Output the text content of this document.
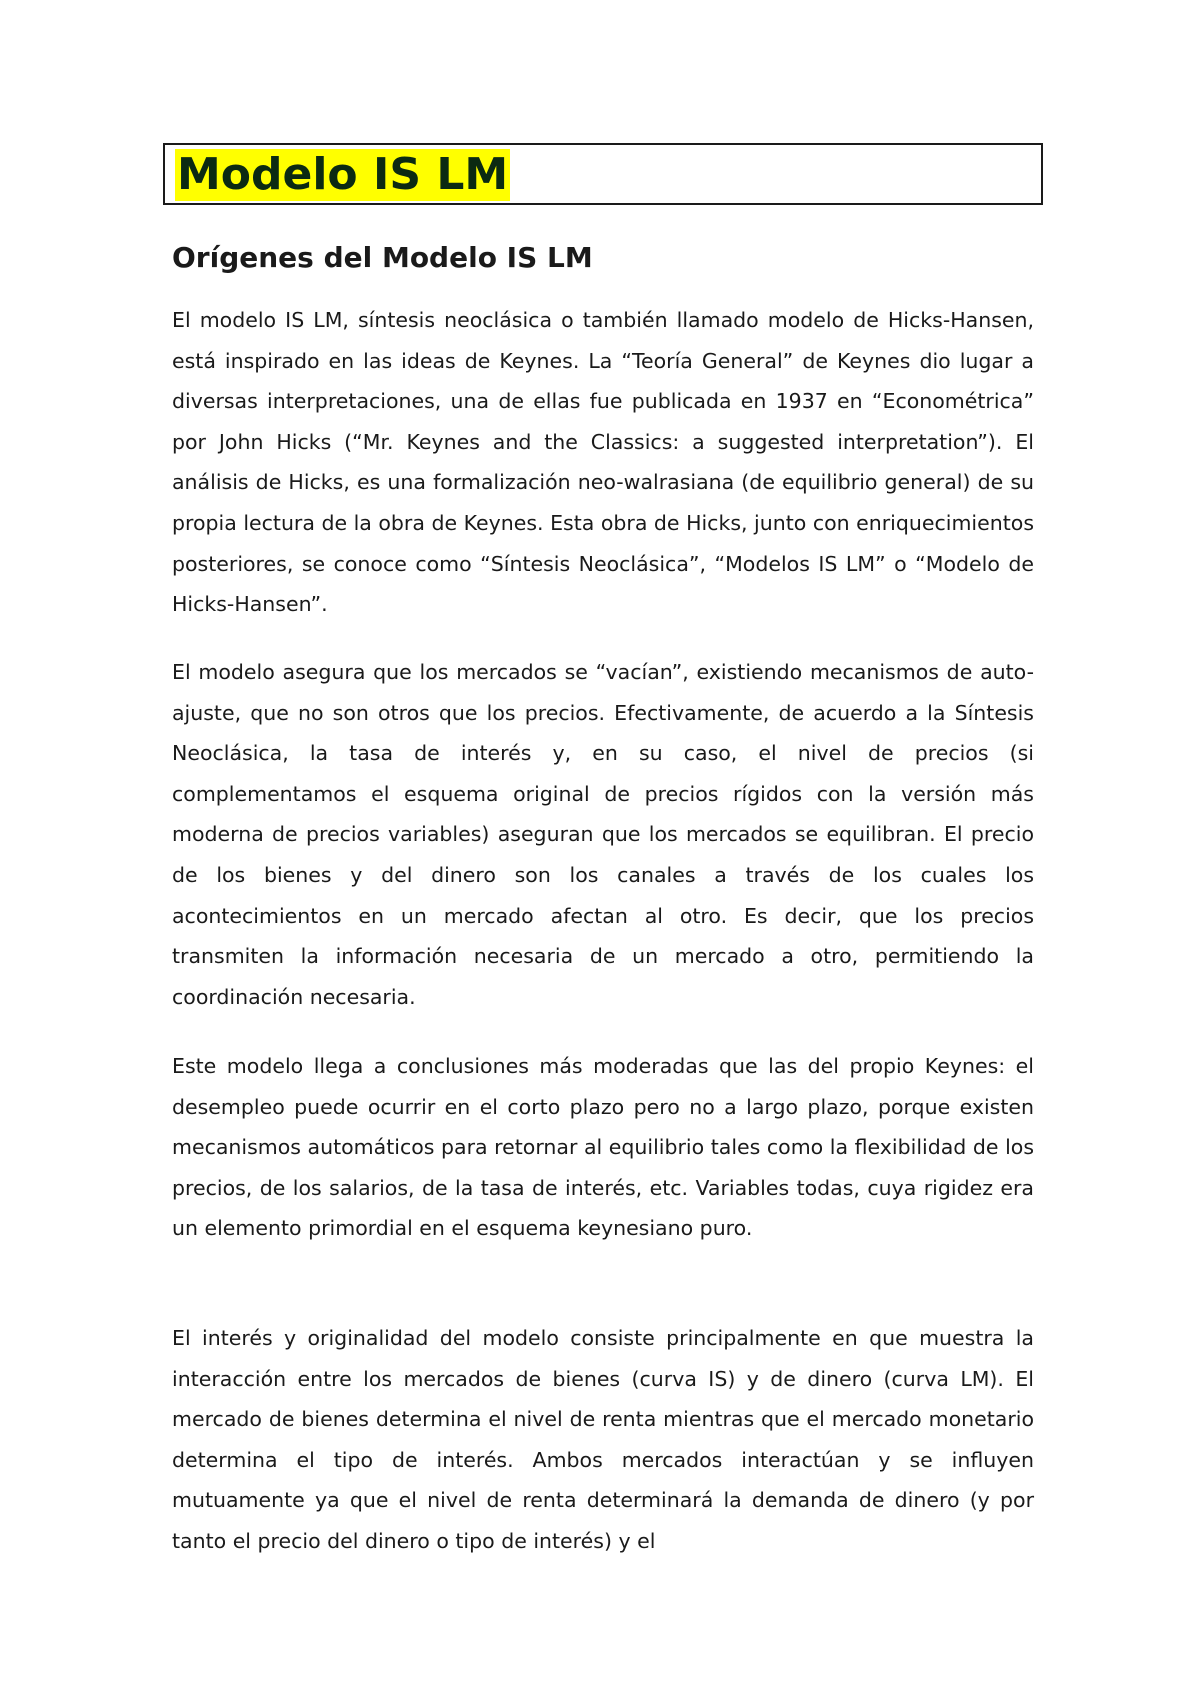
Modelo IS LM
Orígenes del Modelo IS LM

El modelo IS LM, síntesis neoclásica o también llamado modelo de Hicks-Hansen, está inspirado en las ideas de Keynes. La “Teoría General” de Keynes dio lugar a diversas interpretaciones, una de ellas fue publicada en 1937 en “Econométrica” por John Hicks (“Mr. Keynes and the Classics: a suggested interpretation”). El análisis de Hicks, es una formalización neo-walrasiana (de equilibrio general) de su propia lectura de la obra de Keynes. Esta obra de Hicks, junto con enriquecimientos posteriores, se conoce como “Síntesis Neoclásica”, “Modelos IS LM” o “Modelo de Hicks-Hansen”.

El modelo asegura que los mercados se “vacían”, existiendo mecanismos de auto-ajuste, que no son otros que los precios. Efectivamente, de acuerdo a la Síntesis Neoclásica, la tasa de interés y, en su caso, el nivel de precios (si complementamos el esquema original de precios rígidos con la versión más moderna de precios variables) aseguran que los mercados se equilibran. El precio de los bienes y del dinero son los canales a través de los cuales los acontecimientos en un mercado afectan al otro. Es decir, que los precios transmiten la información necesaria de un mercado a otro, permitiendo la coordinación necesaria.

Este modelo llega a conclusiones más moderadas que las del propio Keynes: el desempleo puede ocurrir en el corto plazo pero no a largo plazo, porque existen mecanismos automáticos para retornar al equilibrio tales como la flexibilidad de los precios, de los salarios, de la tasa de interés, etc. Variables todas, cuya rigidez era un elemento primordial en el esquema keynesiano puro.

El interés y originalidad del modelo consiste principalmente en que muestra la interacción entre los mercados de bienes (curva IS) y de dinero (curva LM). El mercado de bienes determina el nivel de renta mientras que el mercado monetario determina el tipo de interés. Ambos mercados interactúan y se influyen mutuamente ya que el nivel de renta determinará la demanda de dinero (y por tanto el precio del dinero o tipo de interés) y el
